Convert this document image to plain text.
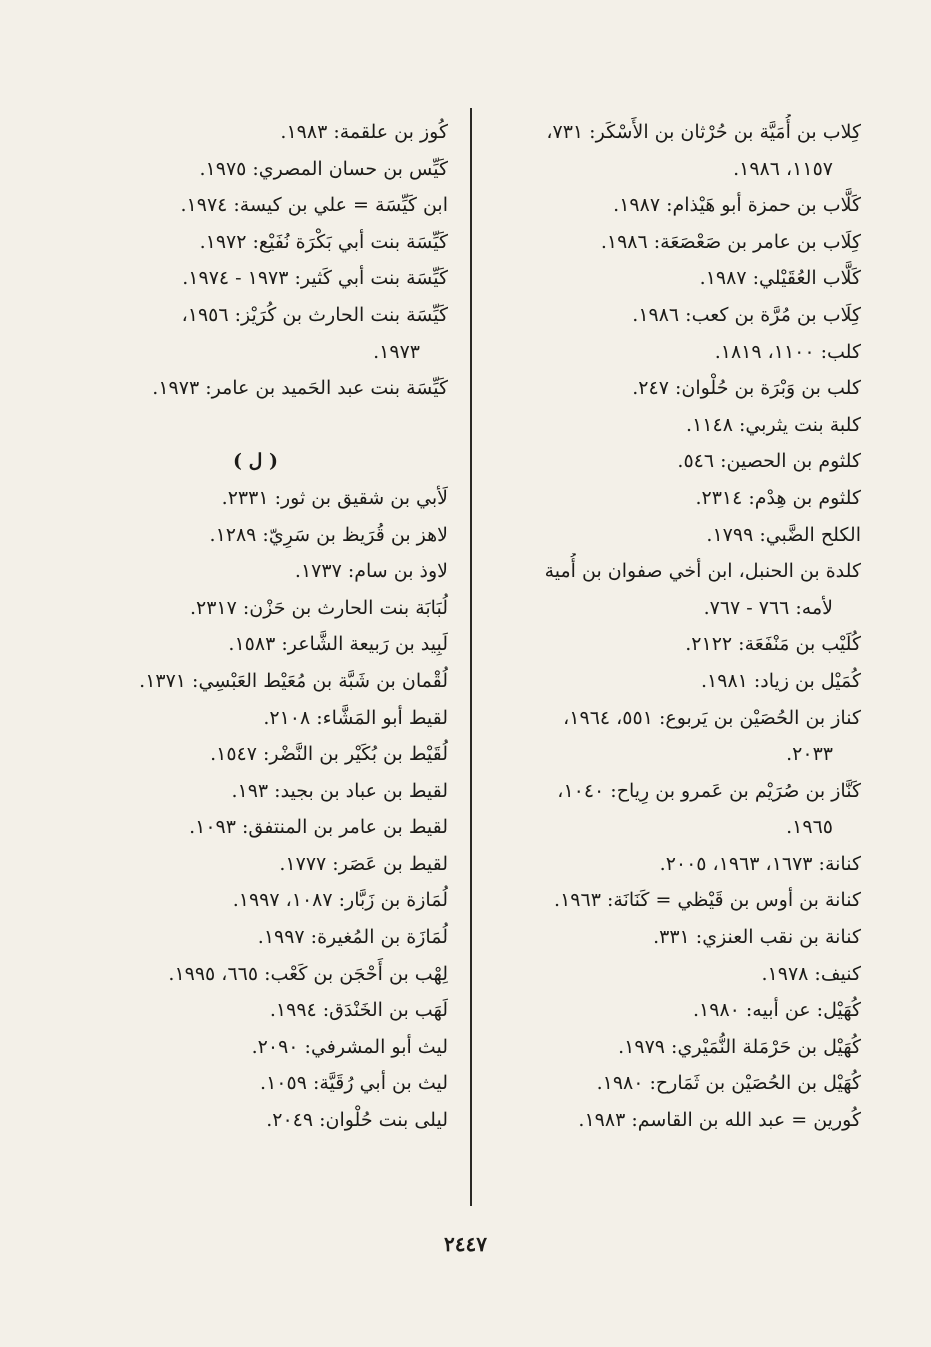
كِلاب بن أُمَيَّة بن حُرْثان بن الأَسْكَر: ٧٣١،
١١٥٧، ١٩٨٦.
كَلَّاب بن حمزة أبو هَيْذام: ١٩٨٧.
كِلَاب بن عامر بن صَعْصَعَة: ١٩٨٦.
كَلَّاب العُقَيْلي: ١٩٨٧.
كِلَاب بن مُرَّة بن كعب: ١٩٨٦.
كلب: ١١٠٠، ١٨١٩.
كلب بن وَبْرَة بن حُلْوان: ٢٤٧.
كلبة بنت يثربي: ١١٤٨.
كلثوم بن الحصين: ٥٤٦.
كلثوم بن هِدْم: ٢٣١٤.
الكلح الضَّبي: ١٧٩٩.
كلدة بن الحنبل، ابن أخي صفوان بن أُمية
لأمه: ٧٦٦ - ٧٦٧.
كُلَيْب بن مَنْفَعَة: ٢١٢٢.
كُمَيْل بن زياد: ١٩٨١.
كناز بن الحُصَيْن بن يَربوع: ٥٥١، ١٩٦٤،
٢٠٣٣.
كَنَّاز بن صُرَيْم بن عَمرو بن رِياح: ١٠٤٠،
١٩٦٥.
كنانة: ١٦٧٣، ١٩٦٣، ٢٠٠٥.
كنانة بن أوس بن قَيْظي = كَنَانَة: ١٩٦٣.
كنانة بن نقب العنزي: ٣٣١.
كنيف: ١٩٧٨.
كُهَيْل: عن أبيه: ١٩٨٠.
كُهَيْل بن حَرْمَلة النُّمَيْري: ١٩٧٩.
كُهَيْل بن الحُصَيْن بن ثَمَارح: ١٩٨٠.
كُورين = عبد الله بن القاسم: ١٩٨٣.
كُوز بن علقمة: ١٩٨٣.
كَيِّس بن حسان المصري: ١٩٧٥.
ابن كَيِّسَة = علي بن كيسة: ١٩٧٤.
كَيِّسَة بنت أبي بَكْرَة نُفَيْع: ١٩٧٢.
كَيِّسَة بنت أبي كَثير: ١٩٧٣ - ١٩٧٤.
كَيِّسَة بنت الحارث بن كُرَيْز: ١٩٥٦،
١٩٧٣.
كَيِّسَة بنت عبد الحَميد بن عامر: ١٩٧٣.
( ل )
لَأبي بن شقيق بن ثور: ٢٣٣١.
لاهز بن قُرَيظ بن سَرِيّ: ١٢٨٩.
لاوذ بن سام: ١٧٣٧.
لُبَابَة بنت الحارث بن حَزْن: ٢٣١٧.
لَبِيد بن رَبيعة الشَّاعر: ١٥٨٣.
لُقْمان بن شَبَّة بن مُعَيْط العَبْسِي: ١٣٧١.
لقيط أبو المَشَّاء: ٢١٠٨.
لُقَيْط بن بُكَيْر بن النَّضْر: ١٥٤٧.
لقيط بن عباد بن بجيد: ١٩٣.
لقيط بن عامر بن المنتفق: ١٠٩٣.
لقيط بن عَصَر: ١٧٧٧.
لُمَازة بن زَبَّار: ١٠٨٧، ١٩٩٧.
لُمَازَة بن المُغيرة: ١٩٩٧.
لِهْب بن أَحْجَن بن كَعْب: ٦٦٥، ١٩٩٥.
لَهَب بن الخَنْدَق: ١٩٩٤.
ليث أبو المشرفي: ٢٠٩٠.
ليث بن أبي رُقَيَّة: ١٠٥٩.
ليلى بنت حُلْوان: ٢٠٤٩.
٢٤٤٧
